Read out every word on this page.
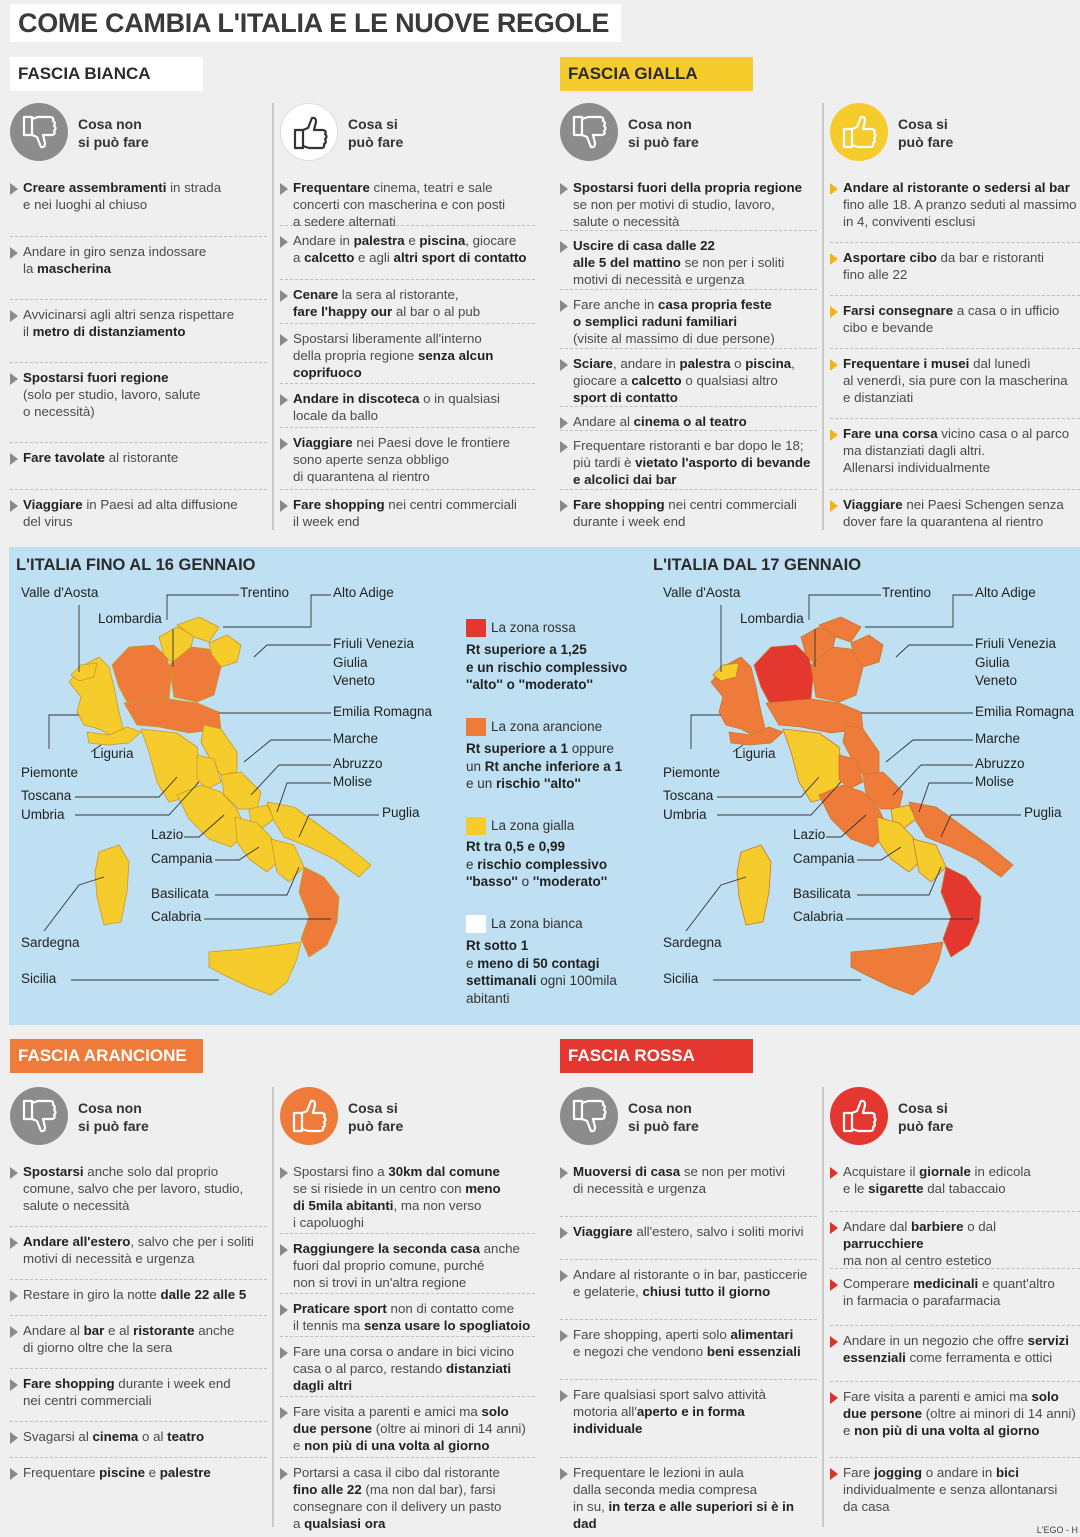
COME CAMBIA L'ITALIA E LE NUOVE REGOLE
FASCIA BIANCA	FASCIA GIALLA
FASCIA ARANCIONE	FASCIA ROSSA
Cosa non
si può fare
Creare assembramenti in strada
e nei luoghi al chiuso
Andare in giro senza indossare
la mascherina
Avvicinarsi agli altri senza rispettare
il metro di distanziamento
Spostarsi fuori regione
(solo per studio, lavoro, salute
o necessità)
Fare tavolate al ristorante
Viaggiare in Paesi ad alta diffusione
del virus
Cosa si
può fare
Frequentare cinema, teatri e sale
concerti con mascherina e con posti
a sedere alternati
Andare in palestra e piscina, giocare
a calcetto e agli altri sport di contatto
Cenare la sera al ristorante,
fare l'happy our al bar o al pub
Spostarsi liberamente all'interno
della propria regione senza alcun
coprifuoco
Andare in discoteca o in qualsiasi
locale da ballo
Viaggiare nei Paesi dove le frontiere
sono aperte senza obbligo
di quarantena al rientro
Fare shopping nei centri commerciali
il week end
Cosa non
si può fare
Spostarsi fuori della propria regione
se non per motivi di studio, lavoro,
salute o necessità
Uscire di casa dalle 22
alle 5 del mattino se non per i soliti
motivi di necessità e urgenza
Fare anche in casa propria feste
o semplici raduni familiari
(visite al massimo di due persone)
Sciare, andare in palestra o piscina,
giocare a calcetto o qualsiasi altro
sport di contatto
Andare al cinema o al teatro
Frequentare ristoranti e bar dopo le 18;
più tardi è vietato l'asporto di bevande
e alcolici dai bar
Fare shopping nei centri commerciali
durante i week end
Cosa si
può fare
Andare al ristorante o sedersi al bar
fino alle 18. A pranzo seduti al massimo
in 4, conviventi esclusi
Asportare cibo da bar e ristoranti
fino alle 22
Farsi consegnare a casa o in ufficio
cibo e bevande
Frequentare i musei dal lunedì
al venerdì, sia pure con la mascherina
e distanziati
Fare una corsa vicino casa o al parco
ma distanziati dagli altri.
Allenarsi individualmente
Viaggiare nei Paesi Schengen senza
dover fare la quarantena al rientro
Cosa non
si può fare
Spostarsi anche solo dal proprio
comune, salvo che per lavoro, studio,
salute o necessità
Andare all'estero, salvo che per i soliti
motivi di necessità e urgenza
Restare in giro la notte dalle 22 alle 5
Andare al bar e al ristorante anche
di giorno oltre che la sera
Fare shopping durante i week end
nei centri commerciali
Svagarsi al cinema o al teatro
Frequentare piscine e palestre
Cosa si
può fare
Spostarsi fino a 30km dal comune
se si risiede in un centro con meno
di 5mila abitanti, ma non verso
i capoluoghi
Raggiungere la seconda casa anche
fuori dal proprio comune, purché
non si trovi in un'altra regione
Praticare sport non di contatto come
il tennis ma senza usare lo spogliatoio
Fare una corsa o andare in bici vicino
casa o al parco, restando distanziati
dagli altri
Fare visita a parenti e amici ma solo
due persone (oltre ai minori di 14 anni)
e non più di una volta al giorno
Portarsi a casa il cibo dal ristorante
fino alle 22 (ma non dal bar), farsi
consegnare con il delivery un pasto
a qualsiasi ora
Cosa non
si può fare
Muoversi di casa se non per motivi
di necessità e urgenza
Viaggiare all'estero, salvo i soliti morivi
Andare al ristorante o in bar, pasticcerie
e gelaterie, chiusi tutto il giorno
Fare shopping, aperti solo alimentari
e negozi che vendono beni essenziali
Fare qualsiasi sport salvo attività
motoria all'aperto e in forma
individuale
Frequentare le lezioni in aula
dalla seconda media compresa
in su, in terza e alle superiori si è in dad
Cosa si
può fare
Acquistare il giornale in edicola
e le sigarette dal tabaccaio
Andare dal barbiere o dal parrucchiere
ma non al centro estetico
Comperare medicinali e quant'altro
in farmacia o parafarmacia
Andare in un negozio che offre servizi
essenziali come ferramenta e ottici
Fare visita a parenti e amici ma solo
due persone (oltre ai minori di 14 anni)
e non più di una volta al giorno
Fare jogging o andare in bici
individualmente e senza allontanarsi
da casa
L'ITALIA FINO AL 16 GENNAIO	L'ITALIA DAL 17 GENNAIO
Valle d'Aosta	Trentino	Alto Adige
Lombardia
Friuli Venezia
Giulia
Veneto
Emilia Romagna
Marche
Liguria
Abruzzo
Piemonte
Molise
Toscana
Puglia
Umbria
Lazio
Campania
Basilicata
Calabria
Sardegna
Sicilia
La zona rossa
Rt superiore a 1,25
e un rischio complessivo
''alto'' o ''moderato''
La zona arancione
Rt superiore a 1 oppure
un Rt anche inferiore a 1
e un rischio ''alto''
La zona gialla
Rt tra 0,5 e 0,99
e rischio complessivo
''basso'' o ''moderato''
La zona bianca
Rt sotto 1
e meno di 50 contagi
settimanali ogni 100mila
abitanti
Valle d'Aosta	Trentino	Alto Adige
Lombardia
Friuli Venezia
Giulia
Veneto
Emilia Romagna
Marche
Liguria
Abruzzo
Piemonte
Molise
Toscana
Puglia
Umbria
Lazio
Campania
Basilicata
Calabria
Sardegna
Sicilia
L'EGO - H
